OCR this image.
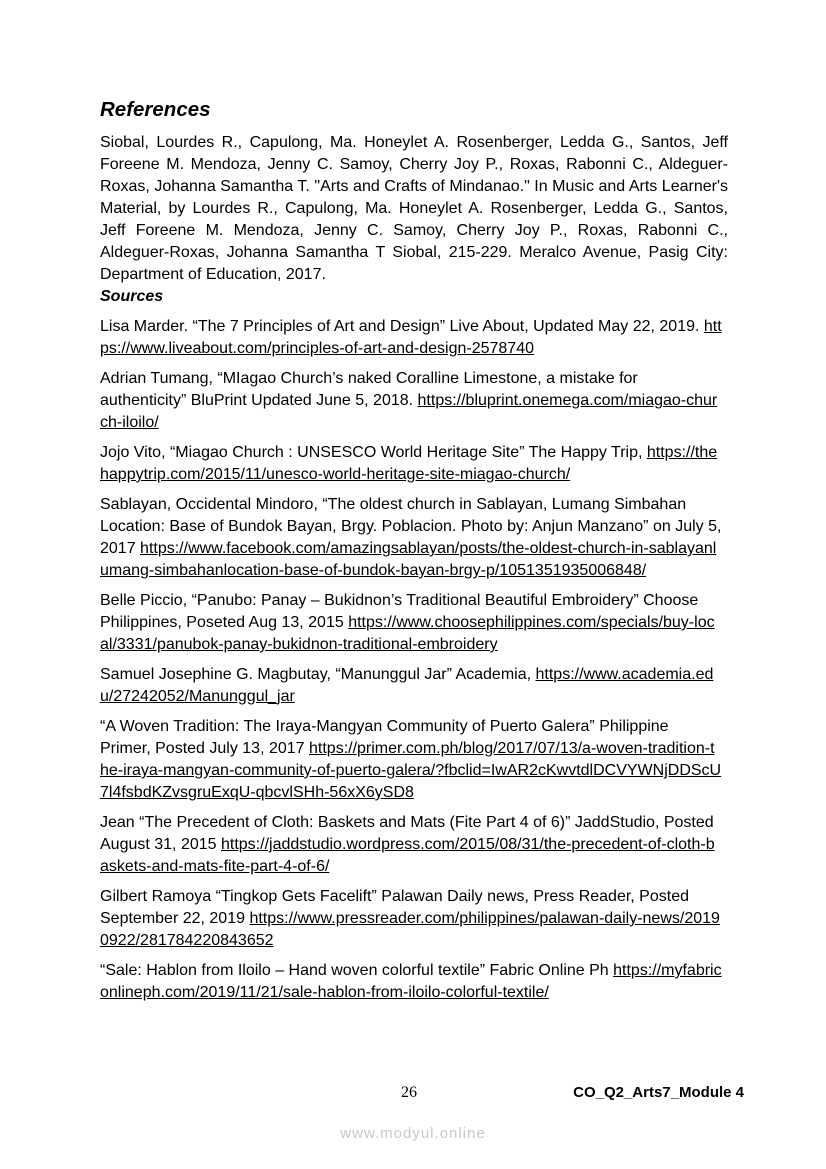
References

Siobal, Lourdes R., Capulong, Ma. Honeylet A. Rosenberger, Ledda G., Santos, Jeff Foreene M. Mendoza, Jenny C. Samoy, Cherry Joy P., Roxas, Rabonni C., Aldeguer-Roxas, Johanna Samantha T. "Arts and Crafts of Mindanao." In Music and Arts Learner's Material, by Lourdes R., Capulong, Ma. Honeylet A. Rosenberger, Ledda G., Santos, Jeff Foreene M. Mendoza, Jenny C. Samoy, Cherry Joy P., Roxas, Rabonni C., Aldeguer-Roxas, Johanna Samantha T Siobal, 215-229. Meralco Avenue, Pasig City: Department of Education, 2017.

Sources

Lisa Marder. “The 7 Principles of Art and Design” Live About, Updated May 22, 2019. https://www.liveabout.com/principles-of-art-and-design-2578740

Adrian Tumang, “MIagao Church’s naked Coralline Limestone, a mistake for authenticity” BluPrint Updated June 5, 2018. https://bluprint.onemega.com/miagao-church-iloilo/

Jojo Vito, “Miagao Church : UNSESCO World Heritage Site” The Happy Trip, https://thehappytrip.com/2015/11/unesco-world-heritage-site-miagao-church/

Sablayan, Occidental Mindoro, “The oldest church in Sablayan, Lumang Simbahan Location: Base of Bundok Bayan, Brgy. Poblacion. Photo by: Anjun Manzano” on July 5, 2017 https://www.facebook.com/amazingsablayan/posts/the-oldest-church-in-sablayanlumang-simbahanlocation-base-of-bundok-bayan-brgy-p/1051351935006848/

Belle Piccio, “Panubo: Panay – Bukidnon’s Traditional Beautiful Embroidery” Choose Philippines, Poseted Aug 13, 2015 https://www.choosephilippines.com/specials/buy-local/3331/panubok-panay-bukidnon-traditional-embroidery

Samuel Josephine G. Magbutay, “Manunggul Jar” Academia, https://www.academia.edu/27242052/Manunggul_jar

“A Woven Tradition: The Iraya-Mangyan Community of Puerto Galera” Philippine Primer, Posted July 13, 2017 https://primer.com.ph/blog/2017/07/13/a-woven-tradition-the-iraya-mangyan-community-of-puerto-galera/?fbclid=IwAR2cKwvtdlDCVYWNjDDScU7l4fsbdKZvsgruExqU-qbcvlSHh-56xX6ySD8

Jean “The Precedent of Cloth: Baskets and Mats (Fite Part 4 of 6)” JaddStudio, Posted August 31, 2015 https://jaddstudio.wordpress.com/2015/08/31/the-precedent-of-cloth-baskets-and-mats-fite-part-4-of-6/

Gilbert Ramoya “Tingkop Gets Facelift” Palawan Daily news, Press Reader, Posted September 22, 2019 https://www.pressreader.com/philippines/palawan-daily-news/20190922/281784220843652

“Sale: Hablon from Iloilo – Hand woven colorful textile” Fabric Online Ph https://myfabriconlineph.com/2019/11/21/sale-hablon-from-iloilo-colorful-textile/

26	CO_Q2_Arts7_Module 4
www.modyul.online
